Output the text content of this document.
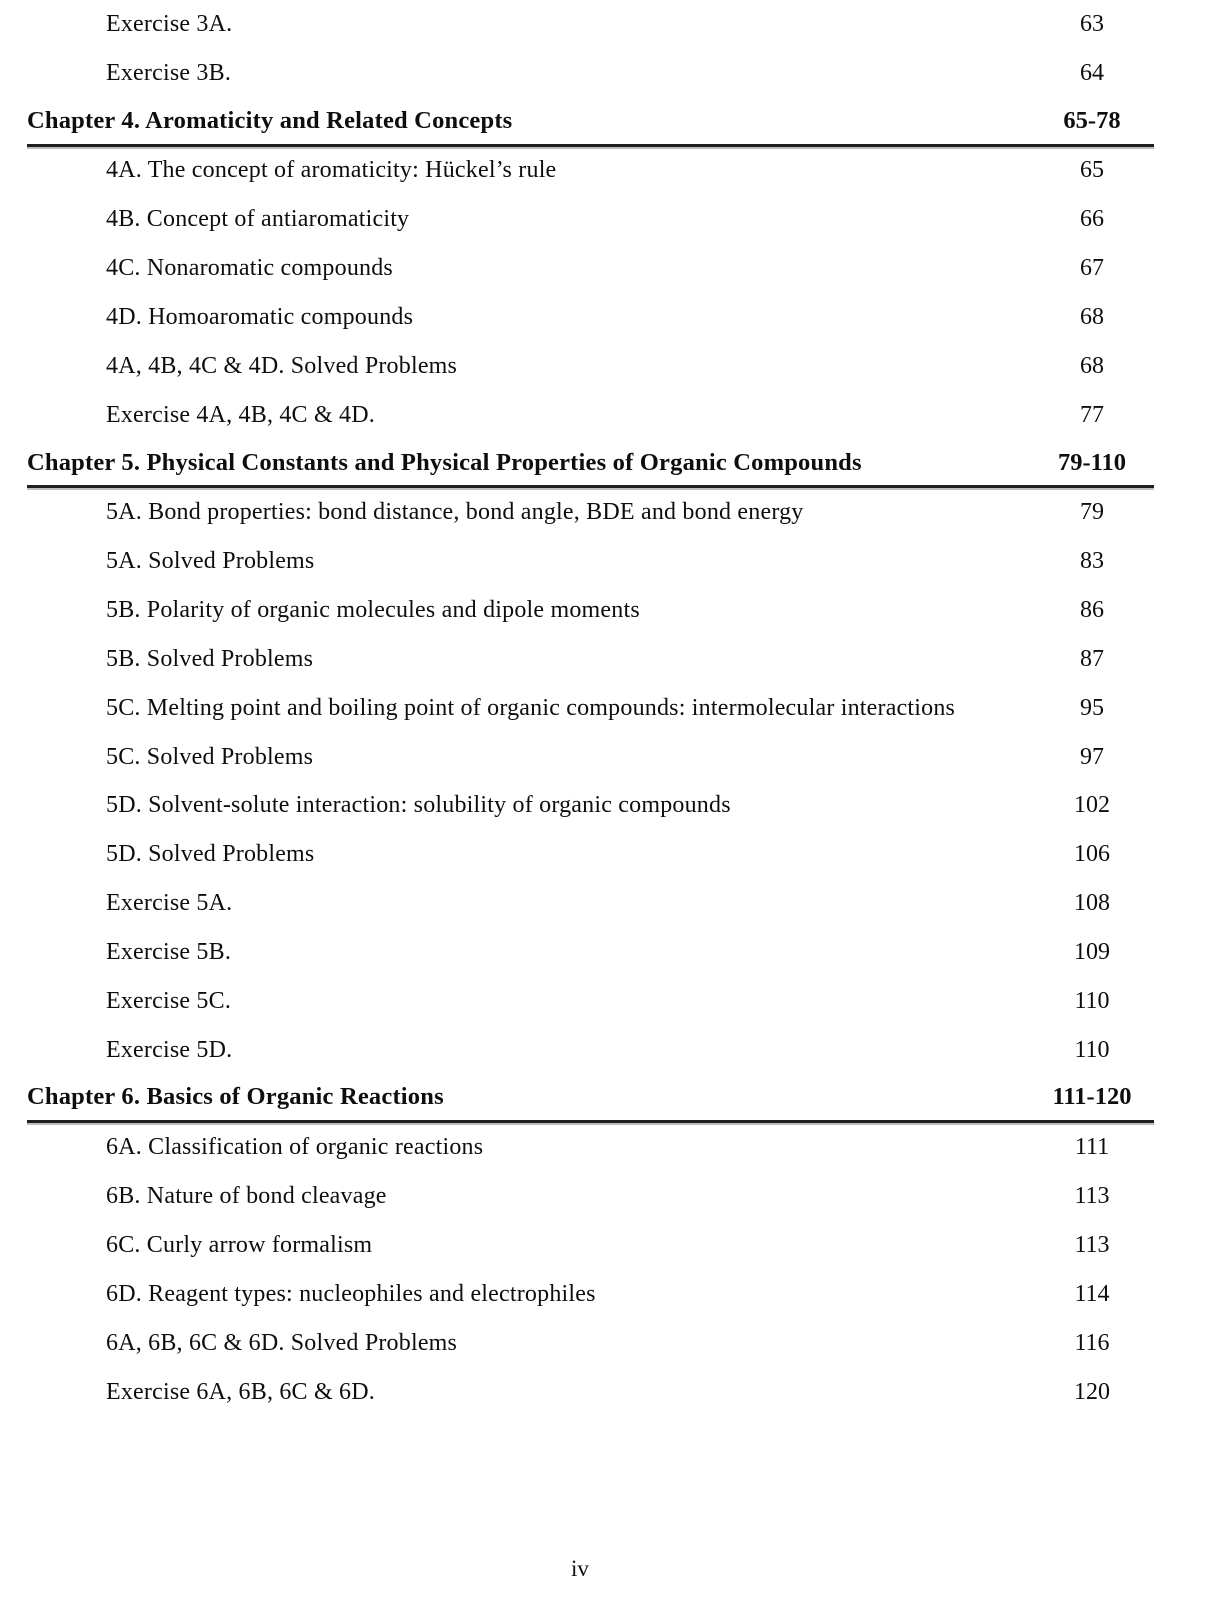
Exercise 3A.	63
Exercise 3B.	64
Chapter 4. Aromaticity and Related Concepts	65-78
4A. The concept of aromaticity: Hückel’s rule	65
4B. Concept of antiaromaticity	66
4C. Nonaromatic compounds	67
4D. Homoaromatic compounds	68
4A, 4B, 4C & 4D. Solved Problems	68
Exercise 4A, 4B, 4C & 4D.	77
Chapter 5. Physical Constants and Physical Properties of Organic Compounds	79-110
5A. Bond properties: bond distance, bond angle, BDE and bond energy	79
5A. Solved Problems	83
5B. Polarity of organic molecules and dipole moments	86
5B. Solved Problems	87
5C. Melting point and boiling point of organic compounds: intermolecular interactions	95
5C. Solved Problems	97
5D. Solvent-solute interaction: solubility of organic compounds	102
5D. Solved Problems	106
Exercise 5A.	108
Exercise 5B.	109
Exercise 5C.	110
Exercise 5D.	110
Chapter 6. Basics of Organic Reactions	111-120
6A. Classification of organic reactions	111
6B. Nature of bond cleavage	113
6C. Curly arrow formalism	113
6D. Reagent types: nucleophiles and electrophiles	114
6A, 6B, 6C & 6D. Solved Problems	116
Exercise 6A, 6B, 6C & 6D.	120
iv
